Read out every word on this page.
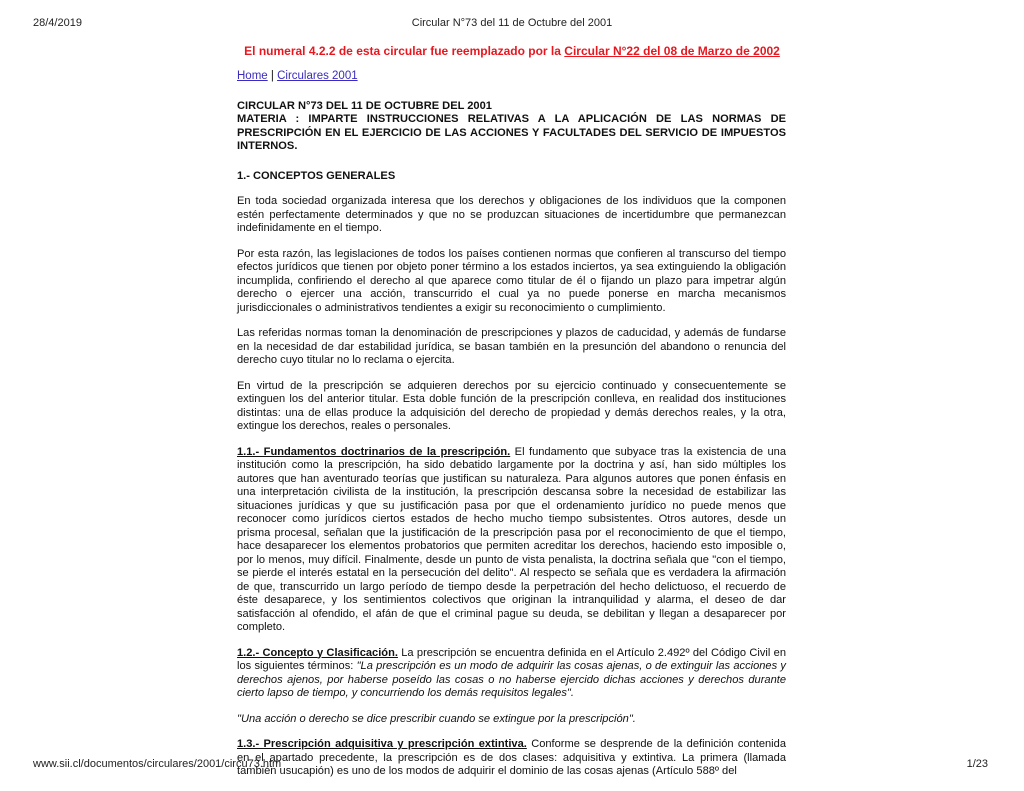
28/4/2019	Circular N°73 del 11 de Octubre del 2001
El numeral 4.2.2 de esta circular fue reemplazado por la Circular N°22 del 08 de Marzo de 2002
Home | Circulares 2001
CIRCULAR N°73 DEL 11 DE OCTUBRE DEL 2001
MATERIA : IMPARTE INSTRUCCIONES RELATIVAS A LA APLICACIÓN DE LAS NORMAS DE PRESCRIPCIÓN EN EL EJERCICIO DE LAS ACCIONES Y FACULTADES DEL SERVICIO DE IMPUESTOS INTERNOS.
1.- CONCEPTOS GENERALES

En toda sociedad organizada interesa que los derechos y obligaciones de los individuos que la componen estén perfectamente determinados y que no se produzcan situaciones de incertidumbre que permanezcan indefinidamente en el tiempo.

Por esta razón, las legislaciones de todos los países contienen normas que confieren al transcurso del tiempo efectos jurídicos que tienen por objeto poner término a los estados inciertos, ya sea extinguiendo la obligación incumplida, confiriendo el derecho al que aparece como titular de él o fijando un plazo para impetrar algún derecho o ejercer una acción, transcurrido el cual ya no puede ponerse en marcha mecanismos jurisdiccionales o administrativos tendientes a exigir su reconocimiento o cumplimiento.

Las referidas normas toman la denominación de prescripciones y plazos de caducidad, y además de fundarse en la necesidad de dar estabilidad jurídica, se basan también en la presunción del abandono o renuncia del derecho cuyo titular no lo reclama o ejercita.

En virtud de la prescripción se adquieren derechos por su ejercicio continuado y consecuentemente se extinguen los del anterior titular. Esta doble función de la prescripción conlleva, en realidad dos instituciones distintas: una de ellas produce la adquisición del derecho de propiedad y demás derechos reales, y la otra, extingue los derechos, reales o personales.

1.1.- Fundamentos doctrinarios de la prescripción. El fundamento que subyace tras la existencia de una institución como la prescripción, ha sido debatido largamente por la doctrina y así, han sido múltiples los autores que han aventurado teorías que justifican su naturaleza. Para algunos autores que ponen énfasis en una interpretación civilista de la institución, la prescripción descansa sobre la necesidad de estabilizar las situaciones jurídicas y que su justificación pasa por que el ordenamiento jurídico no puede menos que reconocer como jurídicos ciertos estados de hecho mucho tiempo subsistentes. Otros autores, desde un prisma procesal, señalan que la justificación de la prescripción pasa por el reconocimiento de que el tiempo, hace desaparecer los elementos probatorios que permiten acreditar los derechos, haciendo esto imposible o, por lo menos, muy difícil. Finalmente, desde un punto de vista penalista, la doctrina señala que "con el tiempo, se pierde el interés estatal en la persecución del delito". Al respecto se señala que es verdadera la afirmación de que, transcurrido un largo período de tiempo desde la perpetración del hecho delictuoso, el recuerdo de éste desaparece, y los sentimientos colectivos que originan la intranquilidad y alarma, el deseo de dar satisfacción al ofendido, el afán de que el criminal pague su deuda, se debilitan y llegan a desaparecer por completo.

1.2.- Concepto y Clasificación. La prescripción se encuentra definida en el Artículo 2.492º del Código Civil en los siguientes términos: "La prescripción es un modo de adquirir las cosas ajenas, o de extinguir las acciones y derechos ajenos, por haberse poseído las cosas o no haberse ejercido dichas acciones y derechos durante cierto lapso de tiempo, y concurriendo los demás requisitos legales".

"Una acción o derecho se dice prescribir cuando se extingue por la prescripción".

1.3.- Prescripción adquisitiva y prescripción extintiva. Conforme se desprende de la definición contenida en el apartado precedente, la prescripción es de dos clases: adquisitiva y extintiva. La primera (llamada también usucapión) es uno de los modos de adquirir el dominio de las cosas ajenas (Artículo 588º del

www.sii.cl/documentos/circulares/2001/circu73.htm	1/23
